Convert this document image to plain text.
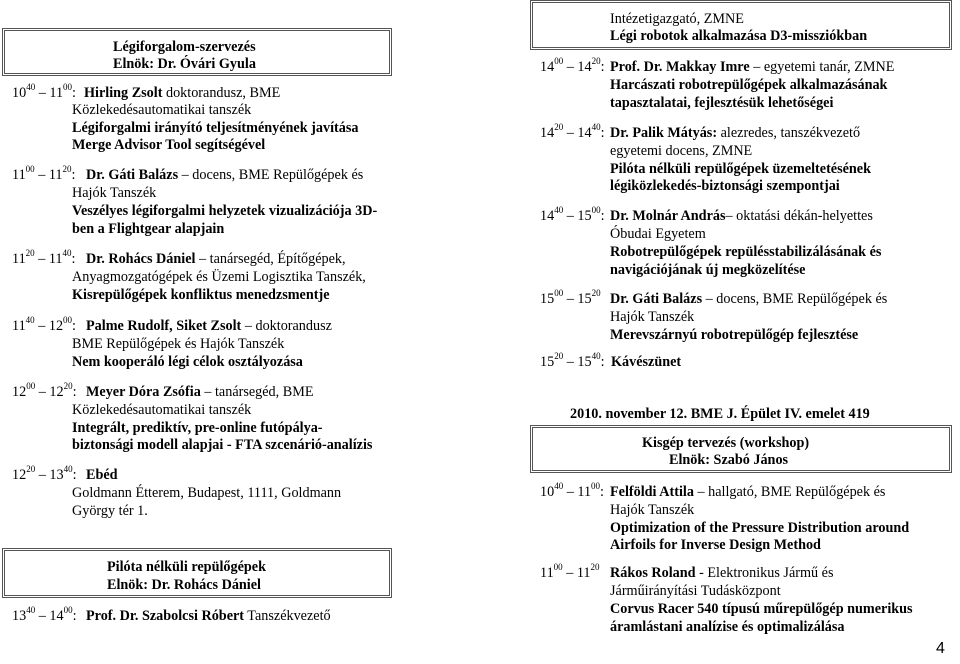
Légiforgalom-szervezés
Elnök: Dr. Óvári Gyula
$10^{40} - 11^{00}$: Hirling Zsolt doktorandusz, BME
Közlekedésautomatikai tanszék
Légiforgalmi irányító teljesítményének javítása
Merge Advisor Tool segítségével
$11^{00} - 11^{20}$: Dr. Gáti Balázs – docens, BME Repülőgépek és
Hajók Tanszék
Veszélyes légiforgalmi helyzetek vizualizációja 3D-
ben a Flightgear alapjain
$11^{20} - 11^{40}$: Dr. Rohács Dániel – tanársegéd, Építőgépek,
Anyagmozgatógépek és Üzemi Logisztika Tanszék,
Kisrepülőgépek konfliktus menedzsmentje
$11^{40} - 12^{00}$: Palme Rudolf, Siket Zsolt – doktorandusz
BME Repülőgépek és Hajók Tanszék
Nem kooperáló légi célok osztályozása
$12^{00} - 12^{20}$: Meyer Dóra Zsófia – tanársegéd, BME
Közlekedésautomatikai tanszék
Integrált, prediktív, pre-online futópálya-
biztonsági modell alapjai - FTA szcenárió-analízis
$12^{20} - 13^{40}$: Ebéd
Goldmann Étterem, Budapest, 1111, Goldmann
György tér 1.
Pilóta nélküli repülőgépek
Elnök: Dr. Rohács Dániel
$13^{40} - 14^{00}$: Prof. Dr. Szabolcsi Róbert Tanszékvezető
Intézetigazgató, ZMNE
Légi robotok alkalmazása D3-missziókban
$14^{00} - 14^{20}$: Prof. Dr. Makkay Imre – egyetemi tanár, ZMNE
Harcászati robotrepülőgépek alkalmazásának
tapasztalatai, fejlesztésük lehetőségei
$14^{20} - 14^{40}$: Dr. Palik Mátyás: alezredes, tanszékvezető
egyetemi docens, ZMNE
Pilóta nélküli repülőgépek üzemeltetésének
légiközlekedés-biztonsági szempontjai
$14^{40} - 15^{00}$: Dr. Molnár András– oktatási dékán-helyettes
Óbudai Egyetem
Robotrepülőgépek repülésstabilizálásának és
navigációjának új megközelítése
$15^{00} - 15^{20}$ Dr. Gáti Balázs – docens, BME Repülőgépek és
Hajók Tanszék
Merevszárnyú robotrepülőgép fejlesztése
$15^{20} - 15^{40}$: Kávészünet
2010. november 12. BME J. Épület IV. emelet 419
Kisgép tervezés (workshop)
Elnök: Szabó János
$10^{40} - 11^{00}$: Felföldi Attila – hallgató, BME Repülőgépek és
Hajók Tanszék
Optimization of the Pressure Distribution around
Airfoils for Inverse Design Method
$11^{00} - 11^{20}$ Rákos Roland - Elektronikus Jármű és
Járműirányítási Tudásközpont
Corvus Racer 540 típusú műrepülőgép numerikus
áramlástani analízise és optimalizálása
4
